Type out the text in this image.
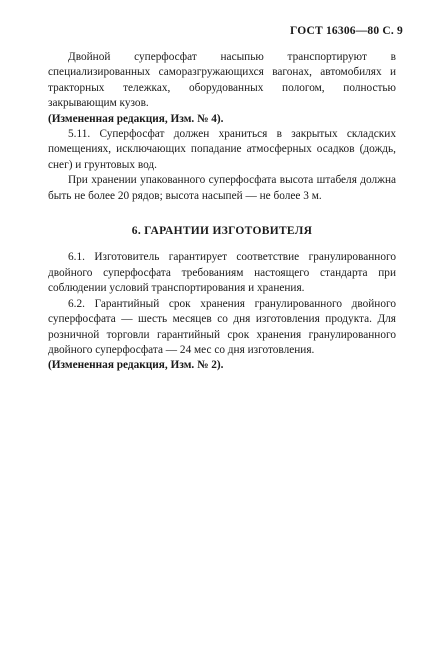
ГОСТ 16306—80 С. 9

Двойной суперфосфат насыпью транспортируют в специализированных саморазгружающихся вагонах, автомобилях и тракторных тележках, оборудованных пологом, полностью закрывающим кузов.

(Измененная редакция, Изм. № 4).

5.11. Суперфосфат должен храниться в закрытых складских помещениях, исключающих попадание атмосферных осадков (дождь, снег) и грунтовых вод.

При хранении упакованного суперфосфата высота штабеля должна быть не более 20 рядов; высота насыпей — не более 3 м.

6. ГАРАНТИИ ИЗГОТОВИТЕЛЯ

6.1. Изготовитель гарантирует соответствие гранулированного двойного суперфосфата требованиям настоящего стандарта при соблюдении условий транспортирования и хранения.

6.2. Гарантийный срок хранения гранулированного двойного суперфосфата — шесть месяцев со дня изготовления продукта. Для розничной торговли гарантийный срок хранения гранулированного двойного суперфосфата — 24 мес со дня изготовления.

(Измененная редакция, Изм. № 2).
